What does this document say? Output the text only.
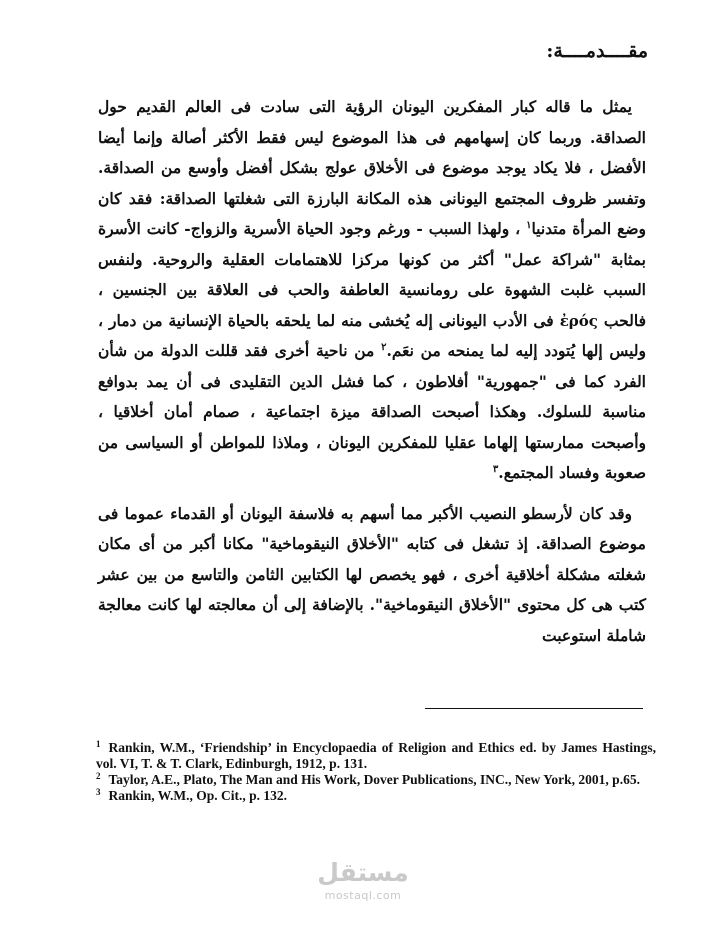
مقــــدمــــة:

يمثل ما قاله كبار المفكرين اليونان الرؤية التى سادت فى العالم القديم حول الصداقة. وربما كان إسهامهم فى هذا الموضوع ليس فقط الأكثر أصالة وإنما أيضا الأفضل ، فلا يكاد يوجد موضوع فى الأخلاق عولج بشكل أفضل وأوسع من الصداقة. وتفسر ظروف المجتمع اليونانى هذه المكانة البارزة التى شغلتها الصداقة: فقد كان وضع المرأة متدنيا$^١$ ، ولهذا السبب - ورغم وجود الحياة الأسرية والزواج- كانت الأسرة بمثابة "شراكة عمل" أكثر من كونها مركزا للاهتمامات العقلية والروحية. ولنفس السبب غلبت الشهوة على رومانسية العاطفة والحب فى العلاقة بين الجنسين ، فالحب ἐρός فى الأدب اليونانى إله يُخشى منه لما يلحقه بالحياة الإنسانية من دمار ، وليس إلها يُتودد إليه لما يمنحه من نعَم.$^٢$ من ناحية أخرى فقد قللت الدولة من شأن الفرد كما فى "جمهورية" أفلاطون ، كما فشل الدين التقليدى فى أن يمد بدوافع مناسبة للسلوك. وهكذا أصبحت الصداقة ميزة اجتماعية ، صمام أمان أخلاقيا ، وأصبحت ممارستها إلهاما عقليا للمفكرين اليونان ، وملاذا للمواطن أو السياسى من صعوبة وفساد المجتمع.$^٣$

وقد كان لأرسطو النصيب الأكبر مما أسهم به فلاسفة اليونان أو القدماء عموما فى موضوع الصداقة. إذ تشغل فى كتابه "الأخلاق النيقوماخية" مكانا أكبر من أى مكان شغلته مشكلة أخلاقية أخرى ، فهو يخصص لها الكتابين الثامن والتاسع من بين عشر كتب هى كل محتوى "الأخلاق النيقوماخية". بالإضافة إلى أن معالجته لها كانت معالجة شاملة استوعبت

$^1$ Rankin, W.M., ‘Friendship’ in Encyclopaedia of Religion and Ethics ed. by James Hastings, vol. VI, T. & T. Clark, Edinburgh, 1912, p. 131.

$^2$ Taylor, A.E., Plato, The Man and His Work, Dover Publications, INC., New York, 2001, p.65.

$^3$ Rankin, W.M., Op. Cit., p. 132.

مستقل
mostaql.com
